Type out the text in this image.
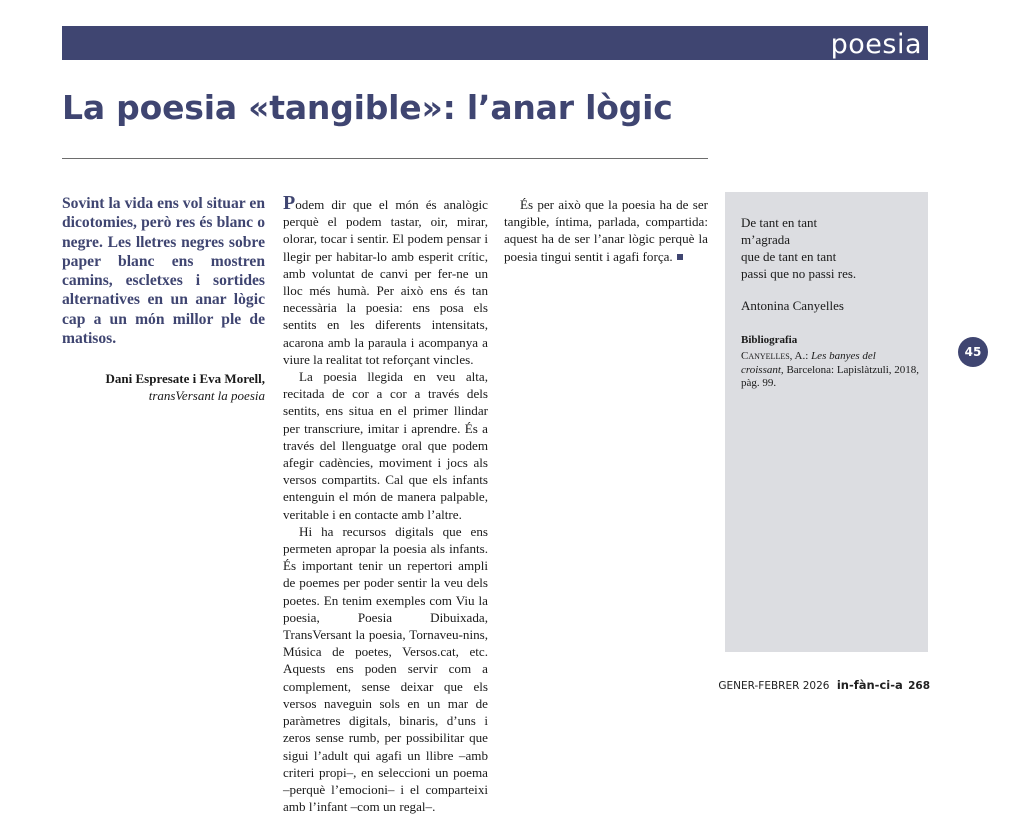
poesia
La poesia «tangible»: l’anar lògic

Sovint la vida ens vol situar en dicotomies, però res és blanc o negre. Les lletres negres sobre paper blanc ens mostren camins, escletxes i sortides alternatives en un anar lògic cap a un món millor ple de matisos.

Dani Espresate i Eva Morell,
transVersant la poesia

Podem dir que el món és analògic perquè el podem tastar, oir, mirar, olorar, tocar i sentir. El podem pensar i llegir per habitar-lo amb esperit crític, amb voluntat de canvi per fer-ne un lloc més humà. Per això ens és tan necessària la poesia: ens posa els sentits en les diferents intensitats, acarona amb la paraula i acompanya a viure la realitat tot reforçant vincles.

La poesia llegida en veu alta, recitada de cor a cor a través dels sentits, ens situa en el primer llindar per transcriure, imitar i aprendre. És a través del llenguatge oral que podem afegir cadències, moviment i jocs als versos compartits. Cal que els infants entenguin el món de manera palpable, veritable i en contacte amb l’altre.

Hi ha recursos digitals que ens permeten apropar la poesia als infants. És important tenir un repertori ampli de poemes per poder sentir la veu dels poetes. En tenim exemples com Viu la poesia, Poesia Dibuixada, TransVersant la poesia, Tornaveu-nins, Música de poetes, Versos.cat, etc. Aquests ens poden servir com a complement, sense deixar que els versos naveguin sols en un mar de paràmetres digitals, binaris, d’uns i zeros sense rumb, per possibilitar que sigui l’adult qui agafi un llibre –amb criteri propi–, en seleccioni un poema –perquè l’emocioni– i el comparteixi amb l’infant –com un regal–.

És per això que la poesia ha de ser tangible, íntima, parlada, compartida: aquest ha de ser l’anar lògic perquè la poesia tingui sentit i agafi força.

De tant en tant
m’agrada
que de tant en tant
passi que no passi res.
Antonina Canyelles
Bibliografia
Canyelles, A.: Les banyes del croissant, Barcelona: Lapislàtzuli, 2018, pàg. 99.
45
GENER-FEBRER 2026 in-fàn-ci-a 268
